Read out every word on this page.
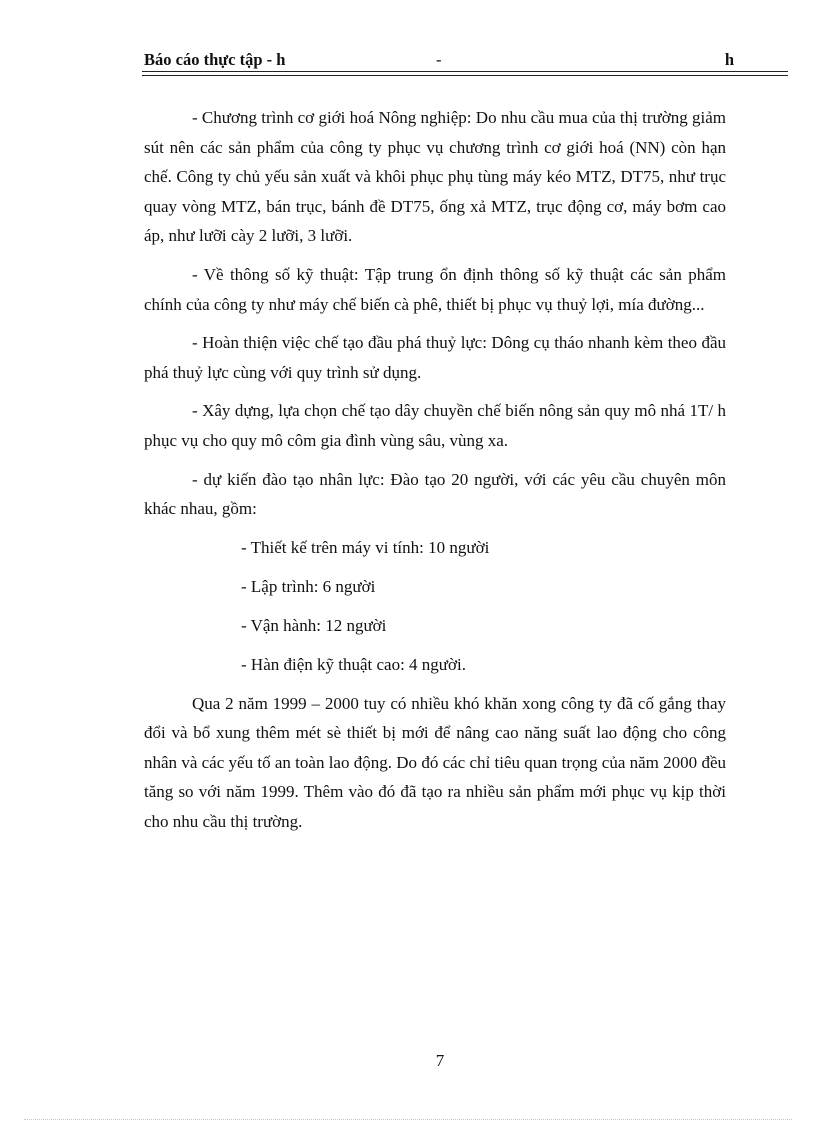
Báo cáo thực tập - h	-	h

- Chương trình cơ giới hoá Nông nghiệp: Do nhu cầu mua của thị trường giảm sút nên các sản phẩm của công ty phục vụ chương trình cơ giới hoá (NN) còn hạn chế. Công ty chủ yếu sản xuất và khôi phục phụ tùng máy kéo MTZ, DT75, như trục quay vòng MTZ, bán trục, bánh đề DT75, ống xả MTZ, trục động cơ, máy bơm cao áp, như lưỡi cày 2 lưỡi, 3 lưỡi.

- Về thông số kỹ thuật: Tập trung ổn định thông số kỹ thuật các sản phẩm chính của công ty như máy chế biến cà phê, thiết bị phục vụ thuỷ lợi, mía đường...

- Hoàn thiện việc chế tạo đầu phá thuỷ lực: Dông cụ tháo nhanh kèm theo đầu phá thuỷ lực cùng với quy trình sử dụng.

- Xây dựng, lựa chọn chế tạo dây chuyền chế biến nông sản quy mô nhá 1T/ h phục vụ cho quy mô côm gia đình vùng sâu, vùng xa.

- dự kiến đào tạo nhân lực: Đào tạo 20 người, với các yêu cầu chuyên môn khác nhau, gồm:

- Thiết kế trên máy vi tính: 10 người

- Lập trình: 6 người

- Vận hành: 12 người

- Hàn điện kỹ thuật cao: 4 người.

Qua 2 năm 1999 – 2000 tuy có nhiều khó khăn xong công ty đã cố gắng thay đổi và bổ xung thêm mét sè thiết bị mới để nâng cao năng suất lao động cho công nhân và các yếu tố an toàn lao động. Do đó các chỉ tiêu quan trọng của năm 2000 đều tăng so với năm 1999. Thêm vào đó đã tạo ra nhiều sản phẩm mới phục vụ kịp thời cho nhu cầu thị trường.

7
